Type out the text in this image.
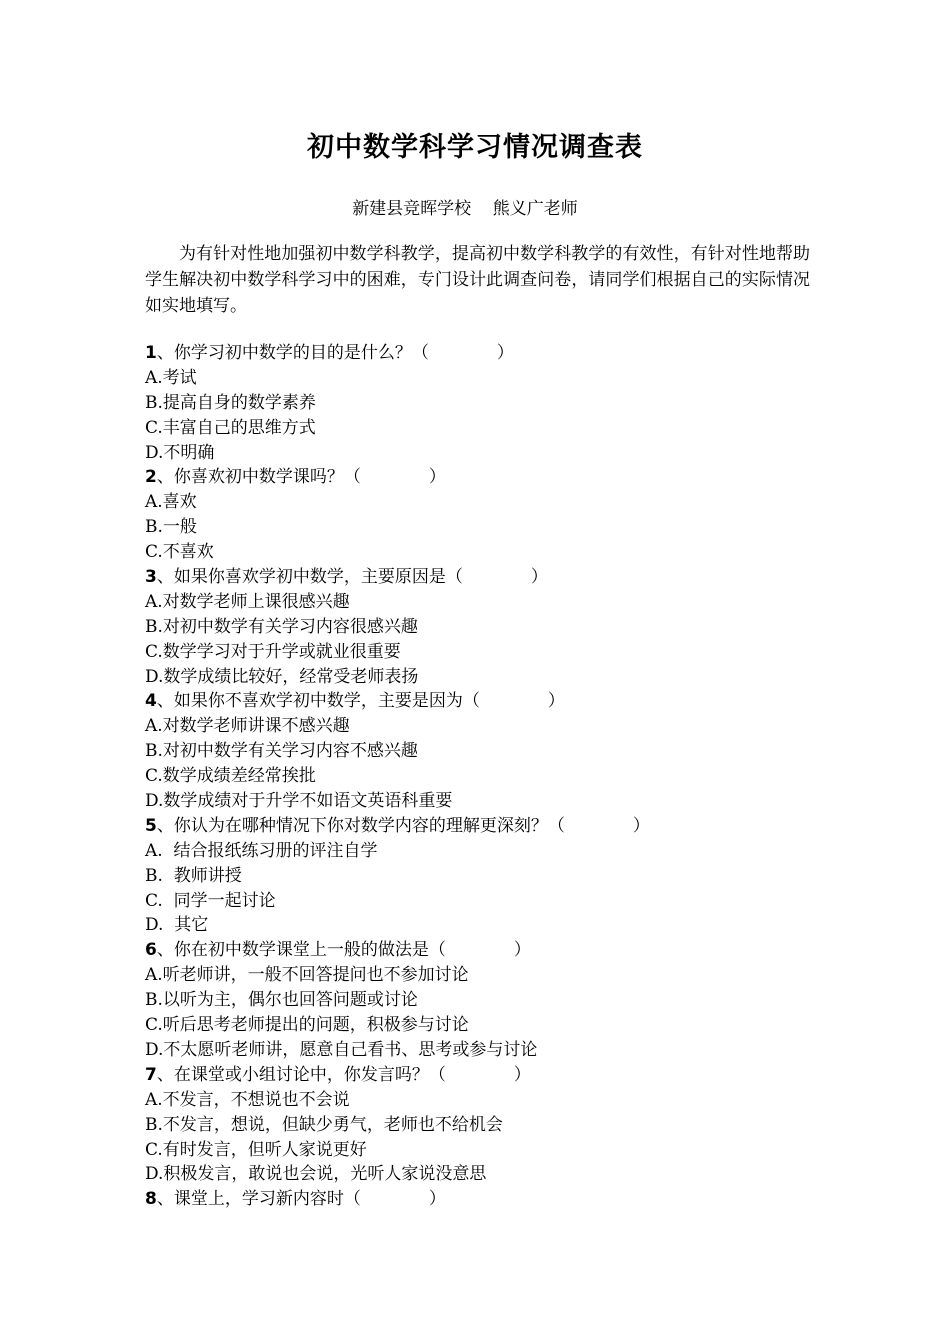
初中数学科学习情况调查表
新建县竞晖学校    熊义广老师

为有针对性地加强初中数学科教学，提高初中数学科教学的有效性，有针对性地帮助学生解决初中数学科学习中的困难，专门设计此调查问卷，请同学们根据自己的实际情况如实地填写。

1、你学习初中数学的目的是什么？（　　　　）
A.考试
B.提高自身的数学素养
C.丰富自己的思维方式
D.不明确
2、你喜欢初中数学课吗？（　　　　）
A.喜欢
B.一般
C.不喜欢
3、如果你喜欢学初中数学，主要原因是（　　　　）
A.对数学老师上课很感兴趣
B.对初中数学有关学习内容很感兴趣
C.数学学习对于升学或就业很重要
D.数学成绩比较好，经常受老师表扬
4、如果你不喜欢学初中数学，主要是因为（　　　　）
A.对数学老师讲课不感兴趣
B.对初中数学有关学习内容不感兴趣
C.数学成绩差经常挨批
D.数学成绩对于升学不如语文英语科重要
5、你认为在哪种情况下你对数学内容的理解更深刻？（　　　　）
A.  结合报纸练习册的评注自学
B.  教师讲授
C.  同学一起讨论
D.  其它
6、你在初中数学课堂上一般的做法是（　　　　）
A.听老师讲，一般不回答提问也不参加讨论
B.以听为主，偶尔也回答问题或讨论
C.听后思考老师提出的问题，积极参与讨论
D.不太愿听老师讲，愿意自己看书、思考或参与讨论
7、在课堂或小组讨论中，你发言吗？（　　　　）
A.不发言，不想说也不会说
B.不发言，想说，但缺少勇气，老师也不给机会
C.有时发言，但听人家说更好
D.积极发言，敢说也会说，光听人家说没意思
8、课堂上，学习新内容时（　　　　）
